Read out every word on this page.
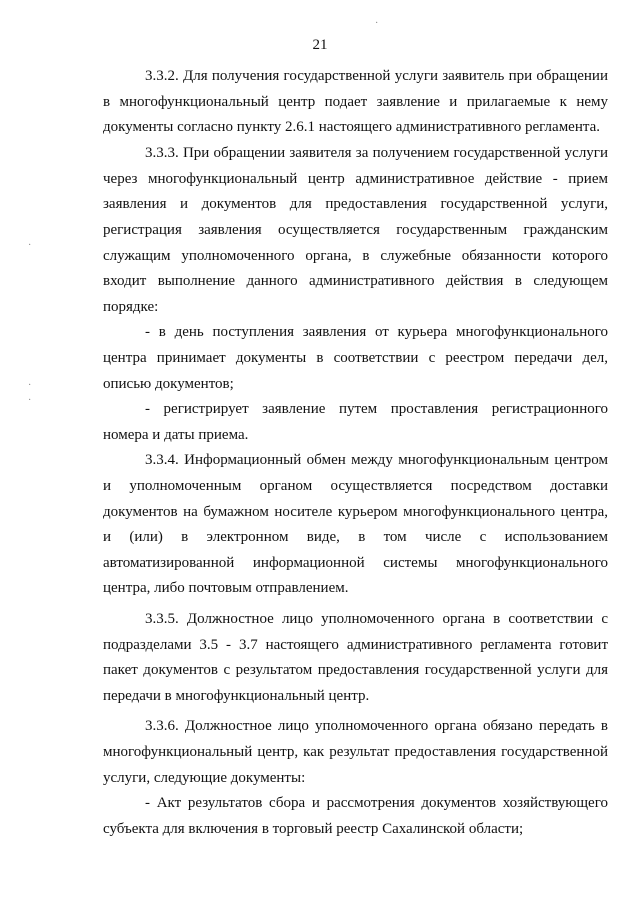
21

3.3.2. Для получения государственной услуги заявитель при обращении в многофункциональный центр подает заявление и прилагаемые к нему документы согласно пункту 2.6.1 настоящего административного регламента.

3.3.3. При обращении заявителя за получением государственной услуги через многофункциональный центр административное действие - прием заявления и документов для предоставления государственной услуги, регистрация заявления осуществляется государственным гражданским служащим уполномоченного органа, в служебные обязанности которого входит выполнение данного административного действия в следующем порядке:

- в день поступления заявления от курьера многофункционального центра принимает документы в соответствии с реестром передачи дел, описью документов;

- регистрирует заявление путем проставления регистрационного номера и даты приема.

3.3.4. Информационный обмен между многофункциональным центром и уполномоченным органом осуществляется посредством доставки документов на бумажном носителе курьером многофункционального центра, и (или) в электронном виде, в том числе с использованием автоматизированной информационной системы многофункционального центра, либо почтовым отправлением.

3.3.5. Должностное лицо уполномоченного органа в соответствии с подразделами 3.5 - 3.7 настоящего административного регламента готовит пакет документов с результатом предоставления государственной услуги для передачи в многофункциональный центр.

3.3.6. Должностное лицо уполномоченного органа обязано передать в многофункциональный центр, как результат предоставления государственной услуги, следующие документы:

- Акт результатов сбора и рассмотрения документов хозяйствующего субъекта для включения в торговый реестр Сахалинской области;

·
·
·
·
